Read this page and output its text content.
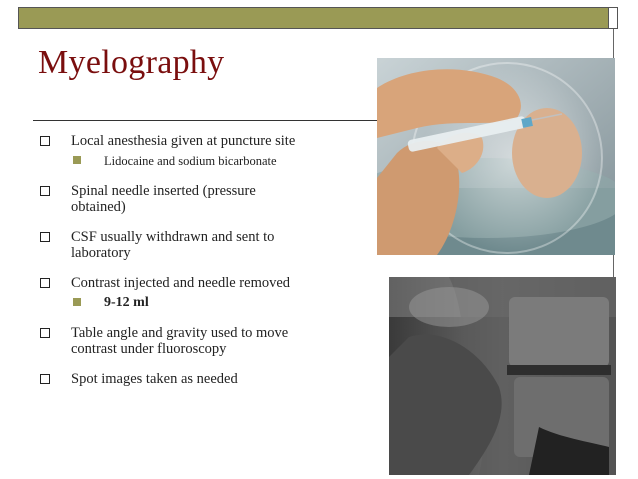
Myelography
Local anesthesia given at puncture site
Lidocaine and sodium bicarbonate
Spinal needle inserted (pressure obtained)
CSF usually withdrawn and sent to laboratory
Contrast injected and needle removed
9-12 ml
Table angle and gravity used to move contrast under fluoroscopy
Spot images taken as needed
